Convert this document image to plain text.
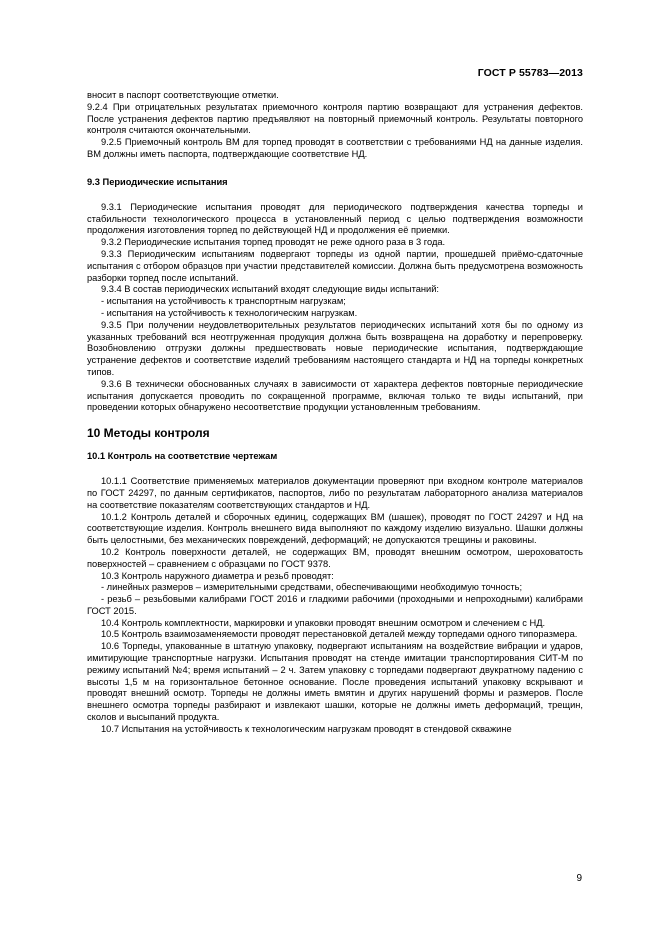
ГОСТ Р 55783—2013

вносит в паспорт соответствующие отметки.

9.2.4 При отрицательных результатах приемочного контроля партию возвращают для устранения дефектов. После устранения дефектов партию предъявляют на повторный приемочный контроль. Результаты повторного контроля считаются окончательными.

9.2.5 Приемочный контроль ВМ для торпед проводят в соответствии с требованиями НД на данные изделия. ВМ должны иметь паспорта, подтверждающие соответствие НД.

9.3 Периодические испытания

9.3.1 Периодические испытания проводят для периодического подтверждения качества торпеды и стабильности технологического процесса в установленный период с целью подтверждения возможности продолжения изготовления торпед по действующей НД и продолжения её приемки.

9.3.2 Периодические испытания торпед проводят не реже одного раза в 3 года.

9.3.3 Периодическим испытаниям подвергают торпеды из одной партии, прошедшей приёмо-сдаточные испытания с отбором образцов при участии представителей комиссии. Должна быть предусмотрена возможность разборки торпед после испытаний.

9.3.4 В состав периодических испытаний входят следующие виды испытаний:

- испытания на устойчивость к транспортным нагрузкам;

- испытания на устойчивость к технологическим нагрузкам.

9.3.5 При получении неудовлетворительных результатов периодических испытаний хотя бы по одному из указанных требований вся неотгруженная продукция должна быть возвращена на доработку и перепроверку. Возобновлению отгрузки должны предшествовать новые периодические испытания, подтверждающие устранение дефектов и соответствие изделий требованиям настоящего стандарта и НД на торпеды конкретных типов.

9.3.6 В технически обоснованных случаях в зависимости от характера дефектов повторные периодические испытания допускается проводить по сокращенной программе, включая только те виды испытаний, при проведении которых обнаружено несоответствие продукции установленным требованиям.

10 Методы контроля

10.1 Контроль на соответствие чертежам

10.1.1 Соответствие применяемых материалов документации проверяют при входном контроле материалов по ГОСТ 24297, по данным сертификатов, паспортов, либо по результатам лабораторного анализа материалов на соответствие показателям соответствующих стандартов и НД.

10.1.2 Контроль деталей и сборочных единиц, содержащих ВМ (шашек), проводят по ГОСТ 24297 и НД на соответствующие изделия. Контроль внешнего вида выполняют по каждому изделию визуально. Шашки должны быть целостными, без механических повреждений, деформаций; не допускаются трещины и раковины.

10.2 Контроль поверхности деталей, не содержащих ВМ, проводят внешним осмотром, шероховатость поверхностей – сравнением с образцами по ГОСТ 9378.

10.3 Контроль наружного диаметра и резьб проводят:

- линейных размеров – измерительными средствами, обеспечивающими необходимую точность;

- резьб – резьбовыми калибрами ГОСТ 2016 и гладкими рабочими (проходными и непроходными) калибрами ГОСТ 2015.

10.4 Контроль комплектности, маркировки и упаковки проводят внешним осмотром и слечением с НД.

10.5 Контроль взаимозаменяемости проводят перестановкой деталей между торпедами одного типоразмера.

10.6 Торпеды, упакованные в штатную упаковку, подвергают испытаниям на воздействие вибрации и ударов, имитирующие транспортные нагрузки. Испытания проводят на стенде имитации транспортирования СИТ-М по режиму испытаний №4; время испытаний – 2 ч. Затем упаковку с торпедами подвергают двукратному падению с высоты 1,5 м на горизонтальное бетонное основание. После проведения испытаний упаковку вскрывают и проводят внешний осмотр. Торпеды не должны иметь вмятин и других нарушений формы и размеров. После внешнего осмотра торпеды разбирают и извлекают шашки, которые не должны иметь деформаций, трещин, сколов и высыпаний продукта.

10.7 Испытания на устойчивость к технологическим нагрузкам проводят в стендовой скважине

9
